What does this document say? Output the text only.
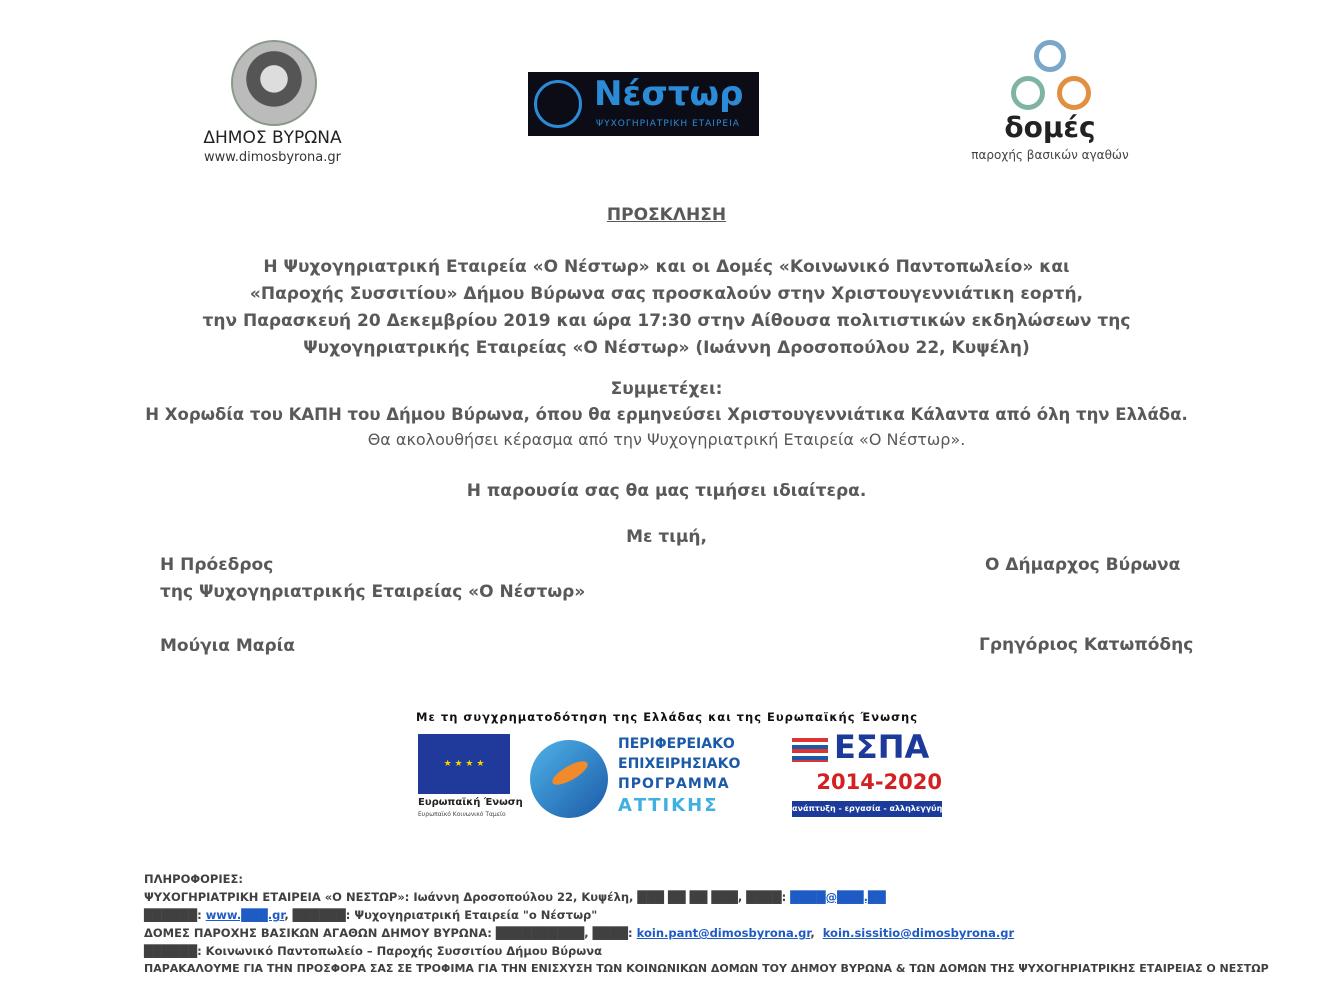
ΔΗΜΟΣ ΒΥΡΩΝΑ
www.dimosbyrona.gr
Νέστωρ
ΨΥΧΟΓΗΡΙΑΤΡΙΚΗ ΕΤΑΙΡΕΙΑ	δομές
παροχής βασικών αγαθών
ΠΡΟΣΚΛΗΣΗ
Η Ψυχογηριατρική Εταιρεία «Ο Νέστωρ» και οι Δομές «Κοινωνικό Παντοπωλείο» και
«Παροχής Συσσιτίου» Δήμου Βύρωνα σας προσκαλούν στην Χριστουγεννιάτικη εορτή,
την Παρασκευή 20 Δεκεμβρίου 2019 και ώρα 17:30 στην Αίθουσα πολιτιστικών εκδηλώσεων της
Ψυχογηριατρικής Εταιρείας «Ο Νέστωρ» (Ιωάννη Δροσοπούλου 22, Κυψέλη)
Συμμετέχει:
Η Χορωδία του ΚΑΠΗ του Δήμου Βύρωνα, όπου θα ερμηνεύσει Χριστουγεννιάτικα Κάλαντα από όλη την Ελλάδα.
Θα ακολουθήσει κέρασμα από την Ψυχογηριατρική Εταιρεία «Ο Νέστωρ».
Η παρουσία σας θα μας τιμήσει ιδιαίτερα.
Με τιμή,
Η Πρόεδρος
της Ψυχογηριατρικής Εταιρείας «Ο Νέστωρ»
Μούγια Μαρία
Ο Δήμαρχος Βύρωνα
Γρηγόριος Κατωπόδης
Με τη συγχρηματοδότηση της Ελλάδας και της Ευρωπαϊκής Ένωσης
★ ★ ★ ★
Ευρωπαϊκή Ένωση
Ευρωπαϊκό Κοινωνικό Ταμείο
ΠΕΡΙΦΕΡΕΙΑΚΟ
ΕΠΙΧΕΙΡΗΣΙΑΚΟ
ΠΡΟΓΡΑΜΜΑ
ΑΤΤΙΚΗΣ
ΕΣΠΑ
2014-2020
ανάπτυξη - εργασία - αλληλεγγύη
ΠΛΗΡΟΦΟΡΙΕΣ:
ΨΥΧΟΓΗΡΙΑΤΡΙΚΗ ΕΤΑΙΡΕΙΑ «Ο ΝΕΣΤΩΡ»: Ιωάννη Δροσοπούλου 22, Κυψέλη, ███ ██ ██ ███, ████: ████@███.██
██████: www.███.gr, ██████: Ψυχογηριατρική Εταιρεία "ο Νέστωρ"
ΔΟΜΕΣ ΠΑΡΟΧΗΣ ΒΑΣΙΚΩΝ ΑΓΑΘΩΝ ΔΗΜΟΥ ΒΥΡΩΝΑ: ██████████, ████: koin.pant@dimosbyrona.gr,  koin.sissitio@dimosbyrona.gr
██████: Κοινωνικό Παντοπωλείο – Παροχής Συσσιτίου Δήμου Βύρωνα
ΠΑΡΑΚΑΛΟΥΜΕ ΓΙΑ ΤΗΝ ΠΡΟΣΦΟΡΑ ΣΑΣ ΣΕ ΤΡΟΦΙΜΑ ΓΙΑ ΤΗΝ ΕΝΙΣΧΥΣΗ ΤΩΝ ΚΟΙΝΩΝΙΚΩΝ ΔΟΜΩΝ ΤΟΥ ΔΗΜΟΥ ΒΥΡΩΝΑ & ΤΩΝ ΔΟΜΩΝ ΤΗΣ ΨΥΧΟΓΗΡΙΑΤΡΙΚΗΣ ΕΤΑΙΡΕΙΑΣ Ο ΝΕΣΤΩΡ
